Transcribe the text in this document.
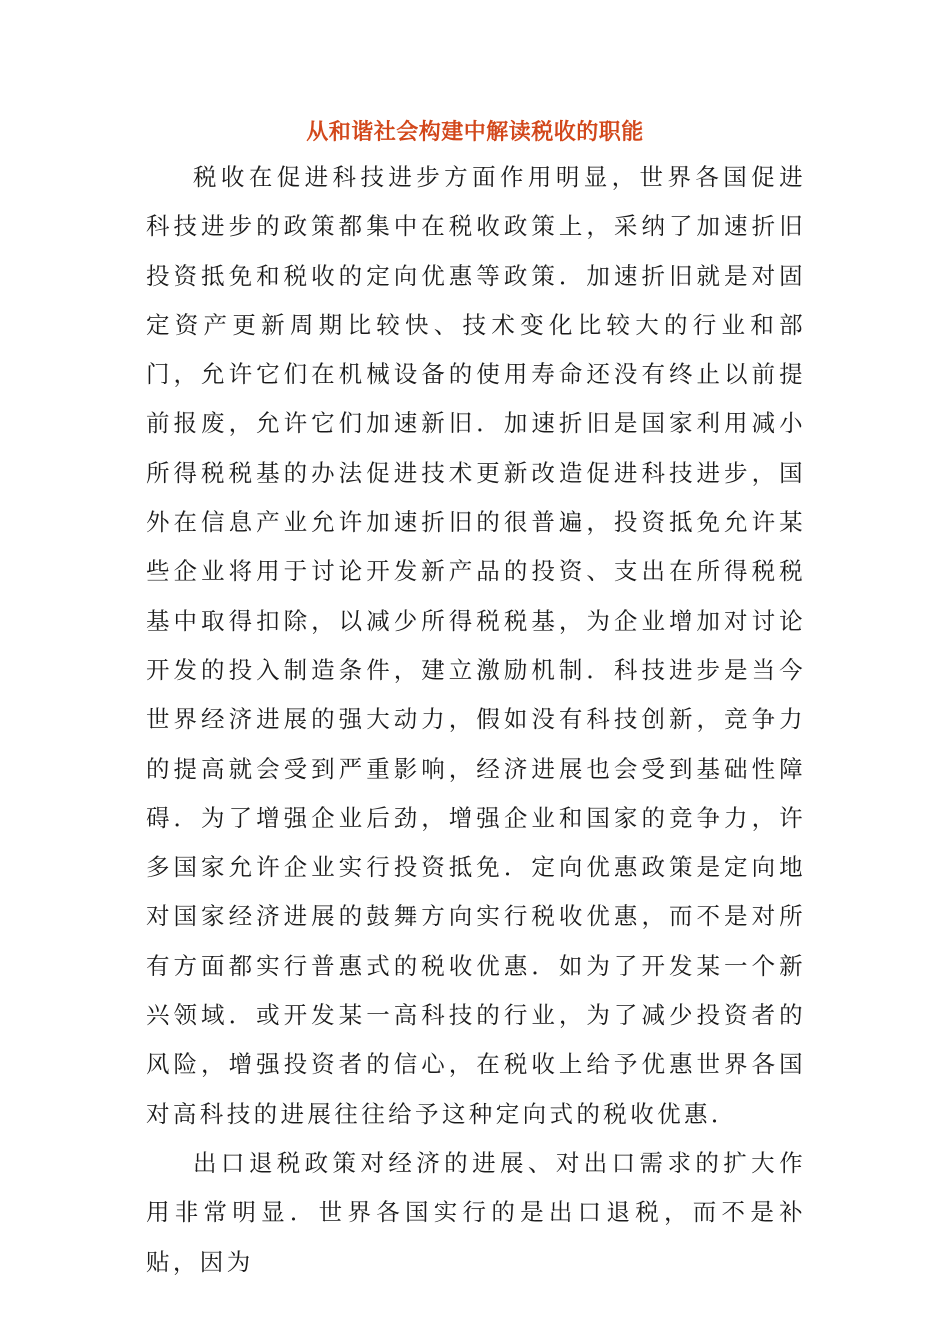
从和谐社会构建中解读税收的职能

税收在促进科技进步方面作用明显，世界各国促进科技进步的政策都集中在税收政策上，采纳了加速折旧投资抵免和税收的定向优惠等政策．加速折旧就是对固定资产更新周期比较快、技术变化比较大的行业和部门，允许它们在机械设备的使用寿命还没有终止以前提前报废，允许它们加速新旧．加速折旧是国家利用减小所得税税基的办法促进技术更新改造促进科技进步，国外在信息产业允许加速折旧的很普遍，投资抵免允许某些企业将用于讨论开发新产品的投资、支出在所得税税基中取得扣除，以减少所得税税基，为企业增加对讨论开发的投入制造条件，建立激励机制．科技进步是当今世界经济进展的强大动力，假如没有科技创新，竞争力的提高就会受到严重影响，经济进展也会受到基础性障碍．为了增强企业后劲，增强企业和国家的竞争力，许多国家允许企业实行投资抵免．定向优惠政策是定向地对国家经济进展的鼓舞方向实行税收优惠，而不是对所有方面都实行普惠式的税收优惠．如为了开发某一个新兴领域．或开发某一高科技的行业，为了减少投资者的风险，增强投资者的信心，在税收上给予优惠世界各国对高科技的进展往往给予这种定向式的税收优惠．

出口退税政策对经济的进展、对出口需求的扩大作用非常明显．世界各国实行的是出口退税，而不是补贴，因为
